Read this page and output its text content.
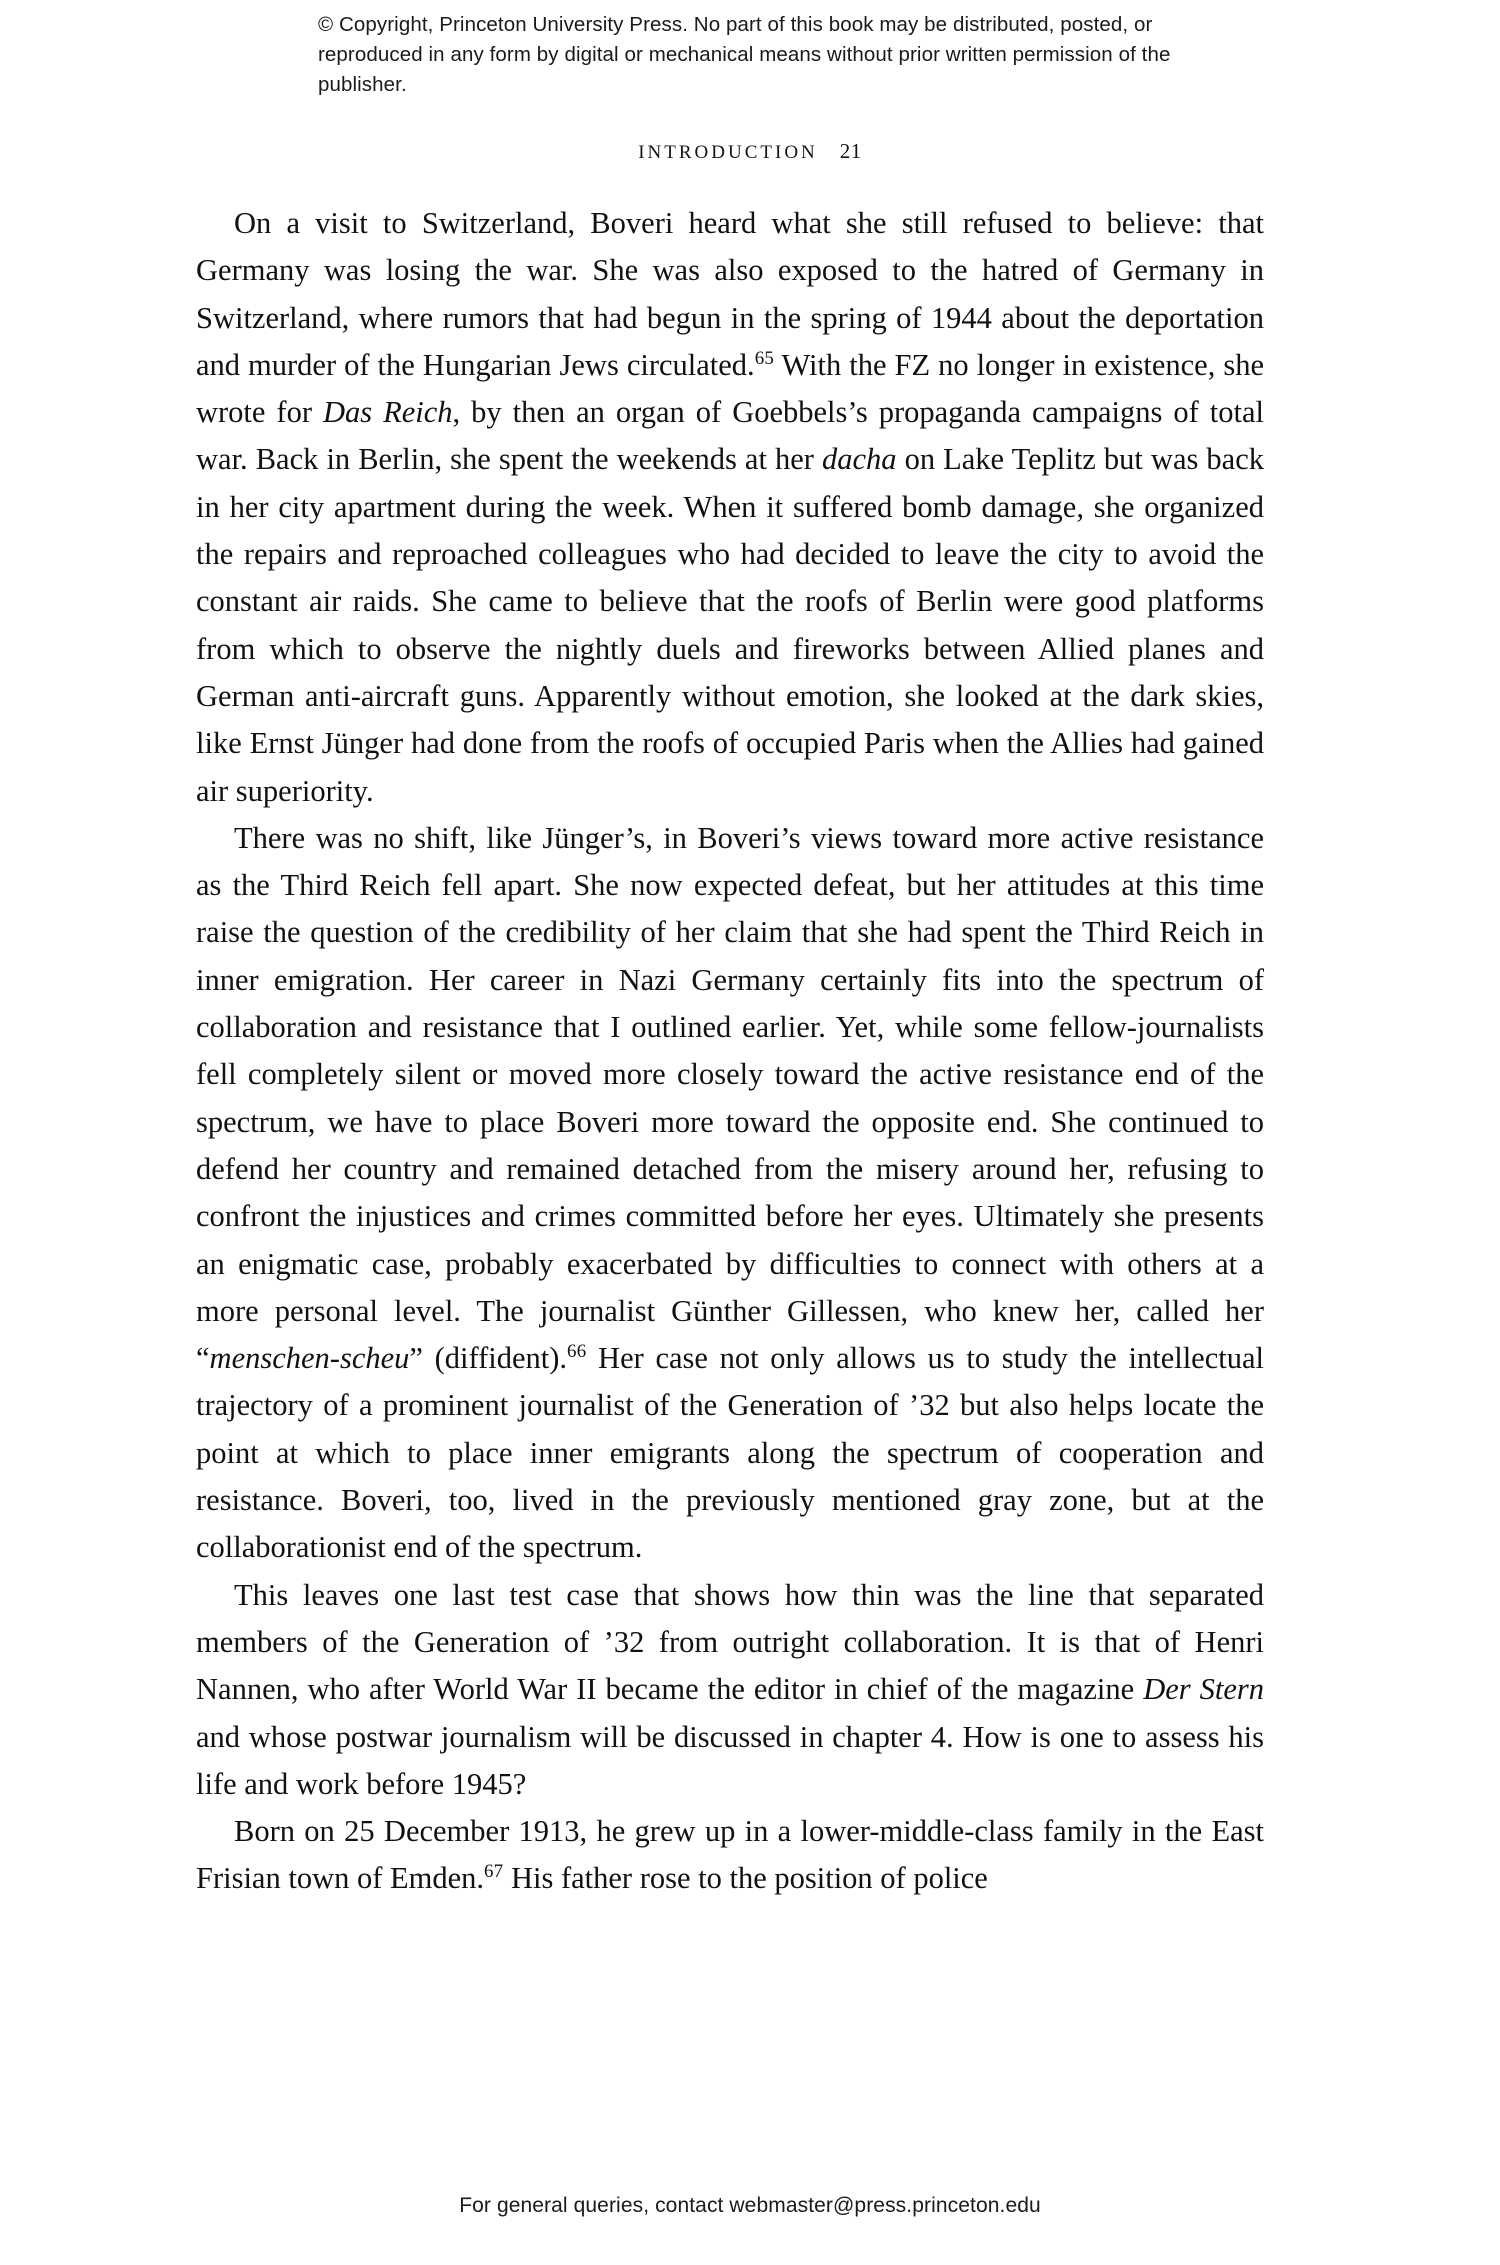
© Copyright, Princeton University Press. No part of this book may be distributed, posted, or reproduced in any form by digital or mechanical means without prior written permission of the publisher.
INTRODUCTION 21

On a visit to Switzerland, Boveri heard what she still refused to believe: that Germany was losing the war. She was also exposed to the hatred of Germany in Switzerland, where rumors that had begun in the spring of 1944 about the deportation and murder of the Hungarian Jews circulated.$^{65}$ With the FZ no longer in existence, she wrote for Das Reich, by then an organ of Goebbels’s propaganda campaigns of total war. Back in Berlin, she spent the weekends at her dacha on Lake Teplitz but was back in her city apartment during the week. When it suffered bomb damage, she organized the repairs and reproached colleagues who had decided to leave the city to avoid the constant air raids. She came to believe that the roofs of Berlin were good platforms from which to observe the nightly duels and fireworks between Allied planes and German anti-aircraft guns. Apparently without emotion, she looked at the dark skies, like Ernst Jünger had done from the roofs of occupied Paris when the Allies had gained air superiority.

There was no shift, like Jünger’s, in Boveri’s views toward more active resistance as the Third Reich fell apart. She now expected defeat, but her attitudes at this time raise the question of the credibility of her claim that she had spent the Third Reich in inner emigration. Her career in Nazi Germany certainly fits into the spectrum of collaboration and resistance that I outlined earlier. Yet, while some fellow-journalists fell completely silent or moved more closely toward the active resistance end of the spectrum, we have to place Boveri more toward the opposite end. She continued to defend her country and remained detached from the misery around her, refusing to confront the injustices and crimes committed before her eyes. Ultimately she presents an enigmatic case, probably exacerbated by difficulties to connect with others at a more personal level. The journalist Günther Gillessen, who knew her, called her “menschen-scheu” (diffident).$^{66}$ Her case not only allows us to study the intellectual trajectory of a prominent journalist of the Generation of ’32 but also helps locate the point at which to place inner emigrants along the spectrum of cooperation and resistance. Boveri, too, lived in the previously mentioned gray zone, but at the collaborationist end of the spectrum.

This leaves one last test case that shows how thin was the line that separated members of the Generation of ’32 from outright collaboration. It is that of Henri Nannen, who after World War II became the editor in chief of the magazine Der Stern and whose postwar journalism will be discussed in chapter 4. How is one to assess his life and work before 1945?

Born on 25 December 1913, he grew up in a lower-middle-class family in the East Frisian town of Emden.$^{67}$ His father rose to the position of police

For general queries, contact webmaster@press.princeton.edu
